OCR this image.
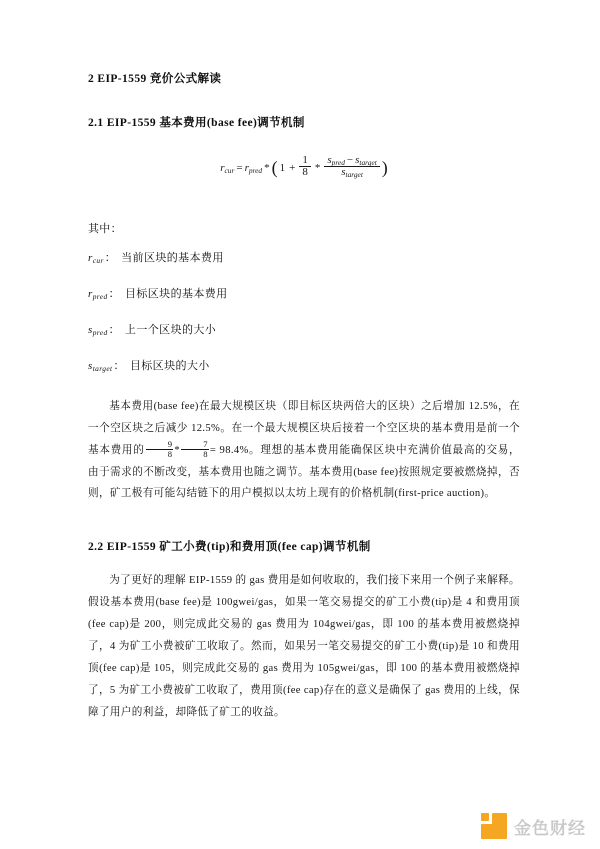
2 EIP-1559 竞价公式解读
2.1 EIP-1559 基本费用(base fee)调节机制
$r_{cur} = r_{pred}$ * ( $1 + \frac{1}{8} * \frac{s_{pred} - s_{target}}{s_{target}}$ )
其中：
$r_{cur}$： 当前区块的基本费用
$r_{pred}$： 目标区块的基本费用
$s_{pred}$： 上一个区块的大小
$s_{target}$： 目标区块的大小

基本费用(base fee)在最大规模区块（即目标区块两倍大的区块）之后增加 12.5%，在一个空区块之后减少 12.5%。在一个最大规模区块后接着一个空区块的基本费用是前一个基本费用的 $\frac{9}{8} * \frac{7}{8} = 98.4\%$。理想的基本费用能确保区块中充满价值最高的交易，由于需求的不断改变，基本费用也随之调节。基本费用(base fee)按照规定要被燃烧掉，否则，矿工极有可能勾结链下的用户模拟以太坊上现有的价格机制(first-price auction)。

2.2 EIP-1559 矿工小费(tip)和费用顶(fee cap)调节机制

为了更好的理解 EIP-1559 的 gas 费用是如何收取的，我们接下来用一个例子来解释。假设基本费用(base fee)是 100gwei/gas，如果一笔交易提交的矿工小费(tip)是 4 和费用顶(fee cap)是 200，则完成此交易的 gas 费用为 104gwei/gas，即 100 的基本费用被燃烧掉了，4 为矿工小费被矿工收取了。然而，如果另一笔交易提交的矿工小费(tip)是 10 和费用顶(fee cap)是 105，则完成此交易的 gas 费用为 105gwei/gas，即 100 的基本费用被燃烧掉了，5 为矿工小费被矿工收取了，费用顶(fee cap)存在的意义是确保了 gas 费用的上线，保障了用户的利益，却降低了矿工的收益。

金色财经
